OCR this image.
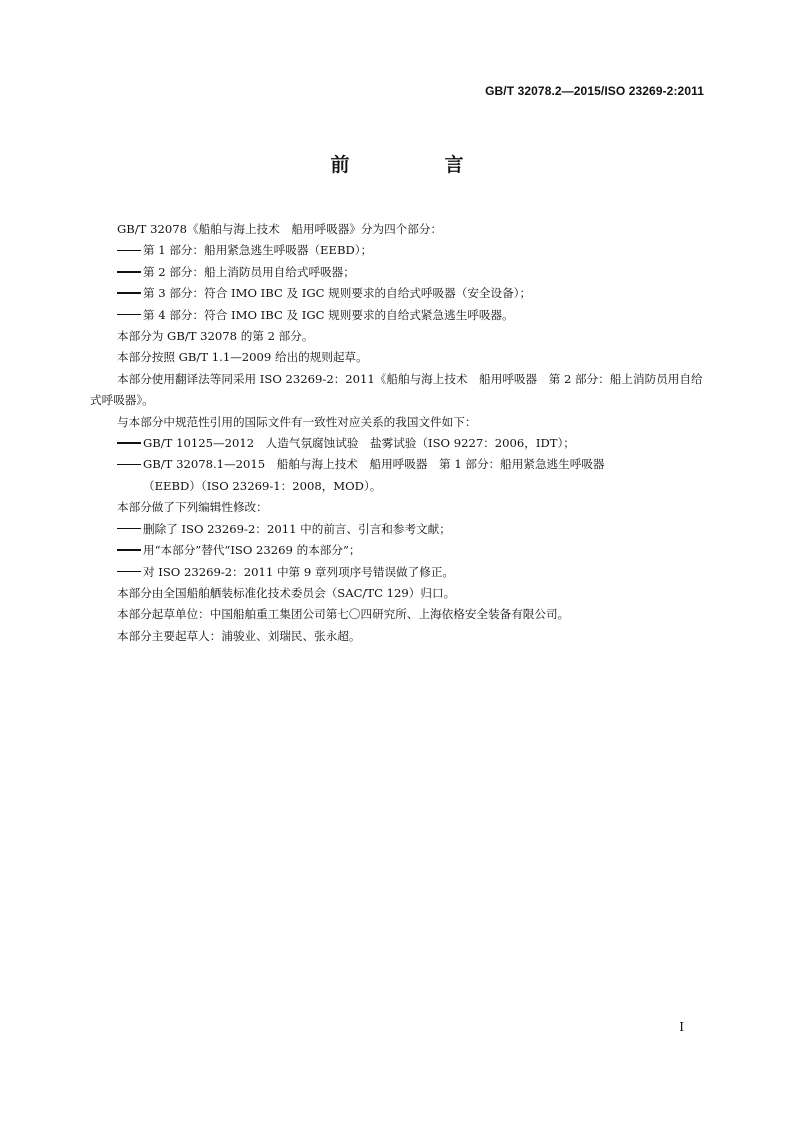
GB/T 32078.2—2015/ISO 23269-2:2011
前　言

GB/T 32078《船舶与海上技术　船用呼吸器》分为四个部分：

第 1 部分：船用紧急逃生呼吸器（EEBD）；

第 2 部分：船上消防员用自给式呼吸器；

第 3 部分：符合 IMO IBC 及 IGC 规则要求的自给式呼吸器（安全设备）；

第 4 部分：符合 IMO IBC 及 IGC 规则要求的自给式紧急逃生呼吸器。

本部分为 GB/T 32078 的第 2 部分。

本部分按照 GB/T 1.1—2009 给出的规则起草。

本部分使用翻译法等同采用 ISO 23269-2：2011《船舶与海上技术　船用呼吸器　第 2 部分：船上消防员用自给式呼吸器》。

与本部分中规范性引用的国际文件有一致性对应关系的我国文件如下：

GB/T 10125—2012　人造气氛腐蚀试验　盐雾试验（ISO 9227：2006，IDT）；

GB/T 32078.1—2015　船舶与海上技术　船用呼吸器　第 1 部分：船用紧急逃生呼吸器
（EEBD）（ISO 23269-1：2008，MOD）。

本部分做了下列编辑性修改：

删除了 ISO 23269-2：2011 中的前言、引言和参考文献；

用“本部分”替代“ISO 23269 的本部分”；

对 ISO 23269-2：2011 中第 9 章列项序号错误做了修正。

本部分由全国船舶舾装标准化技术委员会（SAC/TC 129）归口。

本部分起草单位：中国船舶重工集团公司第七〇四研究所、上海依格安全装备有限公司。

本部分主要起草人：浦骏业、刘瑞民、张永超。

I
